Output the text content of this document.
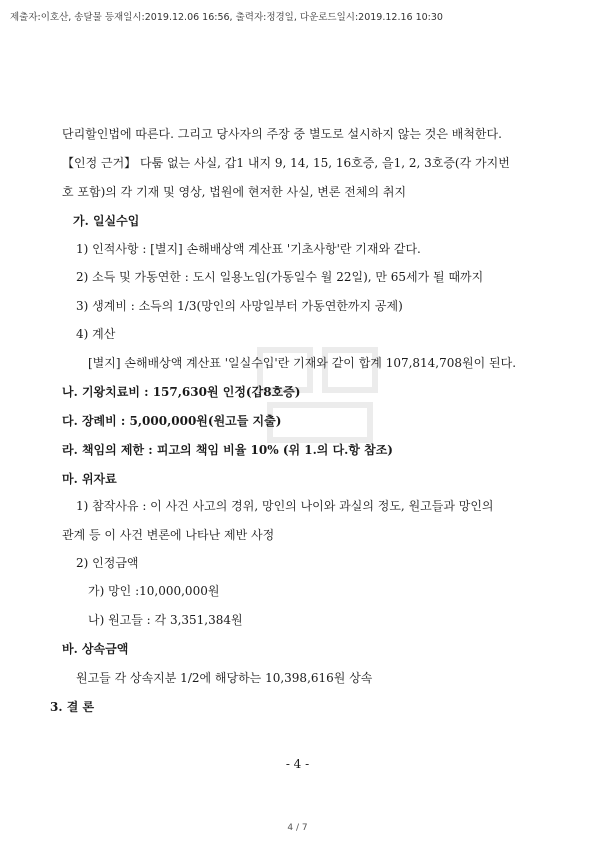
제출자:이호산, 송달물 등재일시:2019.12.06 16:56, 출력자:정경일, 다운로드일시:2019.12.16 10:30
단리할인법에 따른다. 그리고 당사자의 주장 중 별도로 설시하지 않는 것은 배척한다.
【인정 근거】 다툼 없는 사실, 갑1 내지 9, 14, 15, 16호증, 을1, 2, 3호증(각 가지번
호 포함)의 각 기재 및 영상, 법원에 현저한 사실, 변론 전체의 취지
가. 일실수입
1) 인적사항 : [별지] 손해배상액 계산표 '기초사항'란 기재와 같다.
2) 소득 및 가동연한 : 도시 일용노임(가동일수 월 22일), 만 65세가 될 때까지
3) 생계비 : 소득의 1/3(망인의 사망일부터 가동연한까지 공제)
4) 계산
[별지] 손해배상액 계산표 '일실수입'란 기재와 같이 합계 107,814,708원이 된다.
나. 기왕치료비 : 157,630원 인정(갑8호증)
다. 장례비 : 5,000,000원(원고들 지출)
라. 책임의 제한 : 피고의 책임 비율 10% (위 1.의 다.항 참조)
마. 위자료
1) 참작사유 : 이 사건 사고의 경위, 망인의 나이와 과실의 정도, 원고들과 망인의
관계 등 이 사건 변론에 나타난 제반 사정
2) 인정금액
가) 망인 :10,000,000원
나) 원고들 : 각 3,351,384원
바. 상속금액
원고들 각 상속지분 1/2에 해당하는 10,398,616원 상속
3. 결 론
- 4 -
4 / 7
